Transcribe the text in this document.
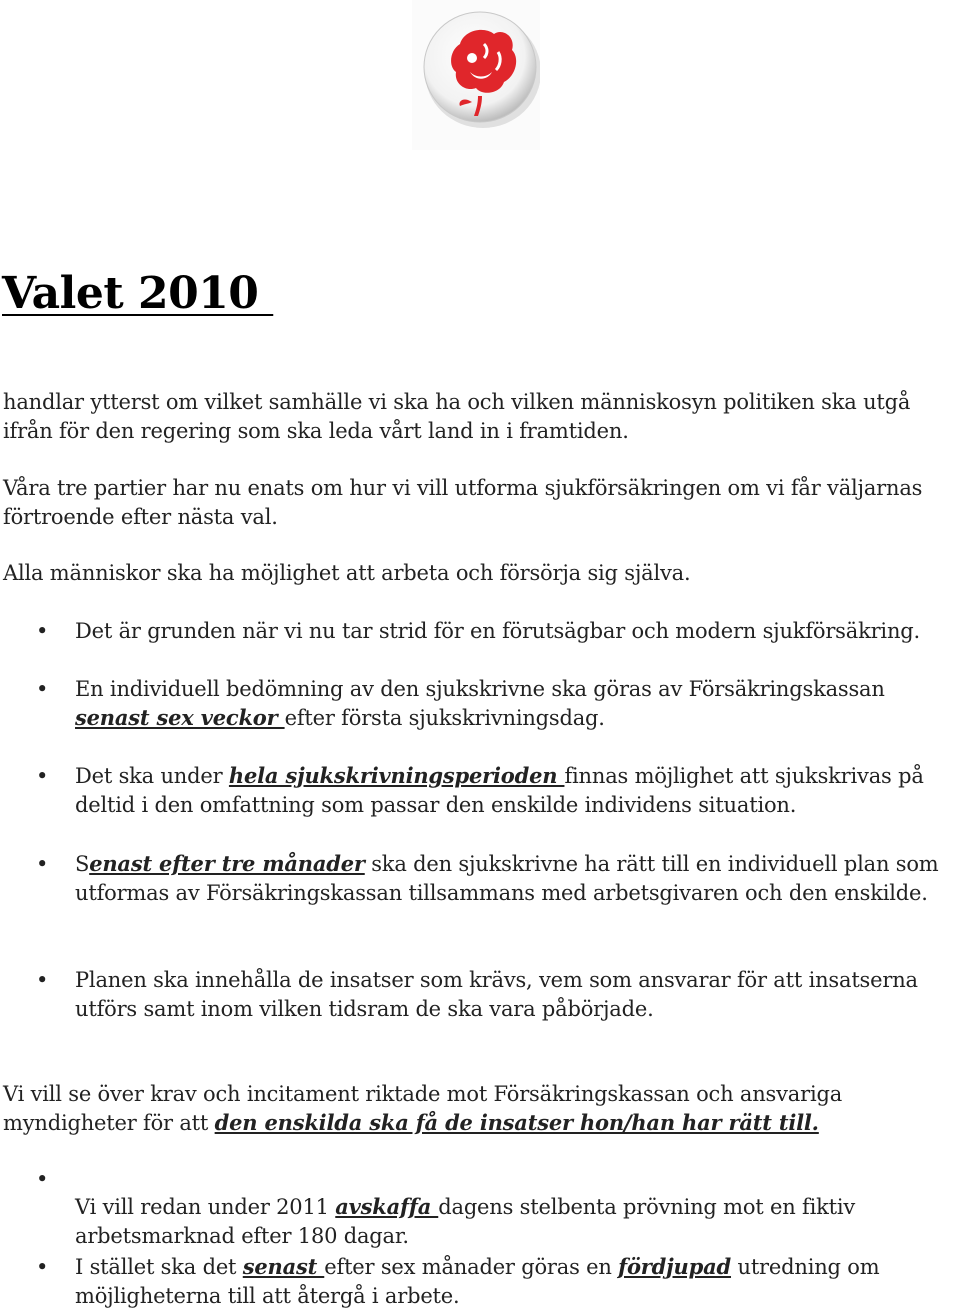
Valet 2010

handlar ytterst om vilket samhälle vi ska ha och vilken människosyn politiken ska utgå ifrån för den regering som ska leda vårt land in i framtiden.

Våra tre partier har nu enats om hur vi vill utforma sjukförsäkringen om vi får väljarnas förtroende efter nästa val.

Alla människor ska ha möjlighet att arbeta och försörja sig själva.

• Det är grunden när vi nu tar strid för en förutsägbar och modern sjukförsäkring.

• En individuell bedömning av den sjukskrivne ska göras av Försäkringskassan senast sex veckor efter första sjukskrivningsdag.

• Det ska under hela sjukskrivningsperioden finnas möjlighet att sjukskrivas på deltid i den omfattning som passar den enskilde individens situation.

• Senast efter tre månader ska den sjukskrivne ha rätt till en individuell plan som utformas av Försäkringskassan tillsammans med arbetsgivaren och den enskilde.

• Planen ska innehålla de insatser som krävs, vem som ansvarar för att insatserna utförs samt inom vilken tidsram de ska vara påbörjade.

Vi vill se över krav och incitament riktade mot Försäkringskassan och ansvariga myndigheter för att den enskilda ska få de insatser hon/han har rätt till.

•

Vi vill redan under 2011 avskaffa dagens stelbenta prövning mot en fiktiv arbetsmarknad efter 180 dagar.

• I stället ska det senast efter sex månader göras en fördjupad utredning om möjligheterna till att återgå i arbete.
